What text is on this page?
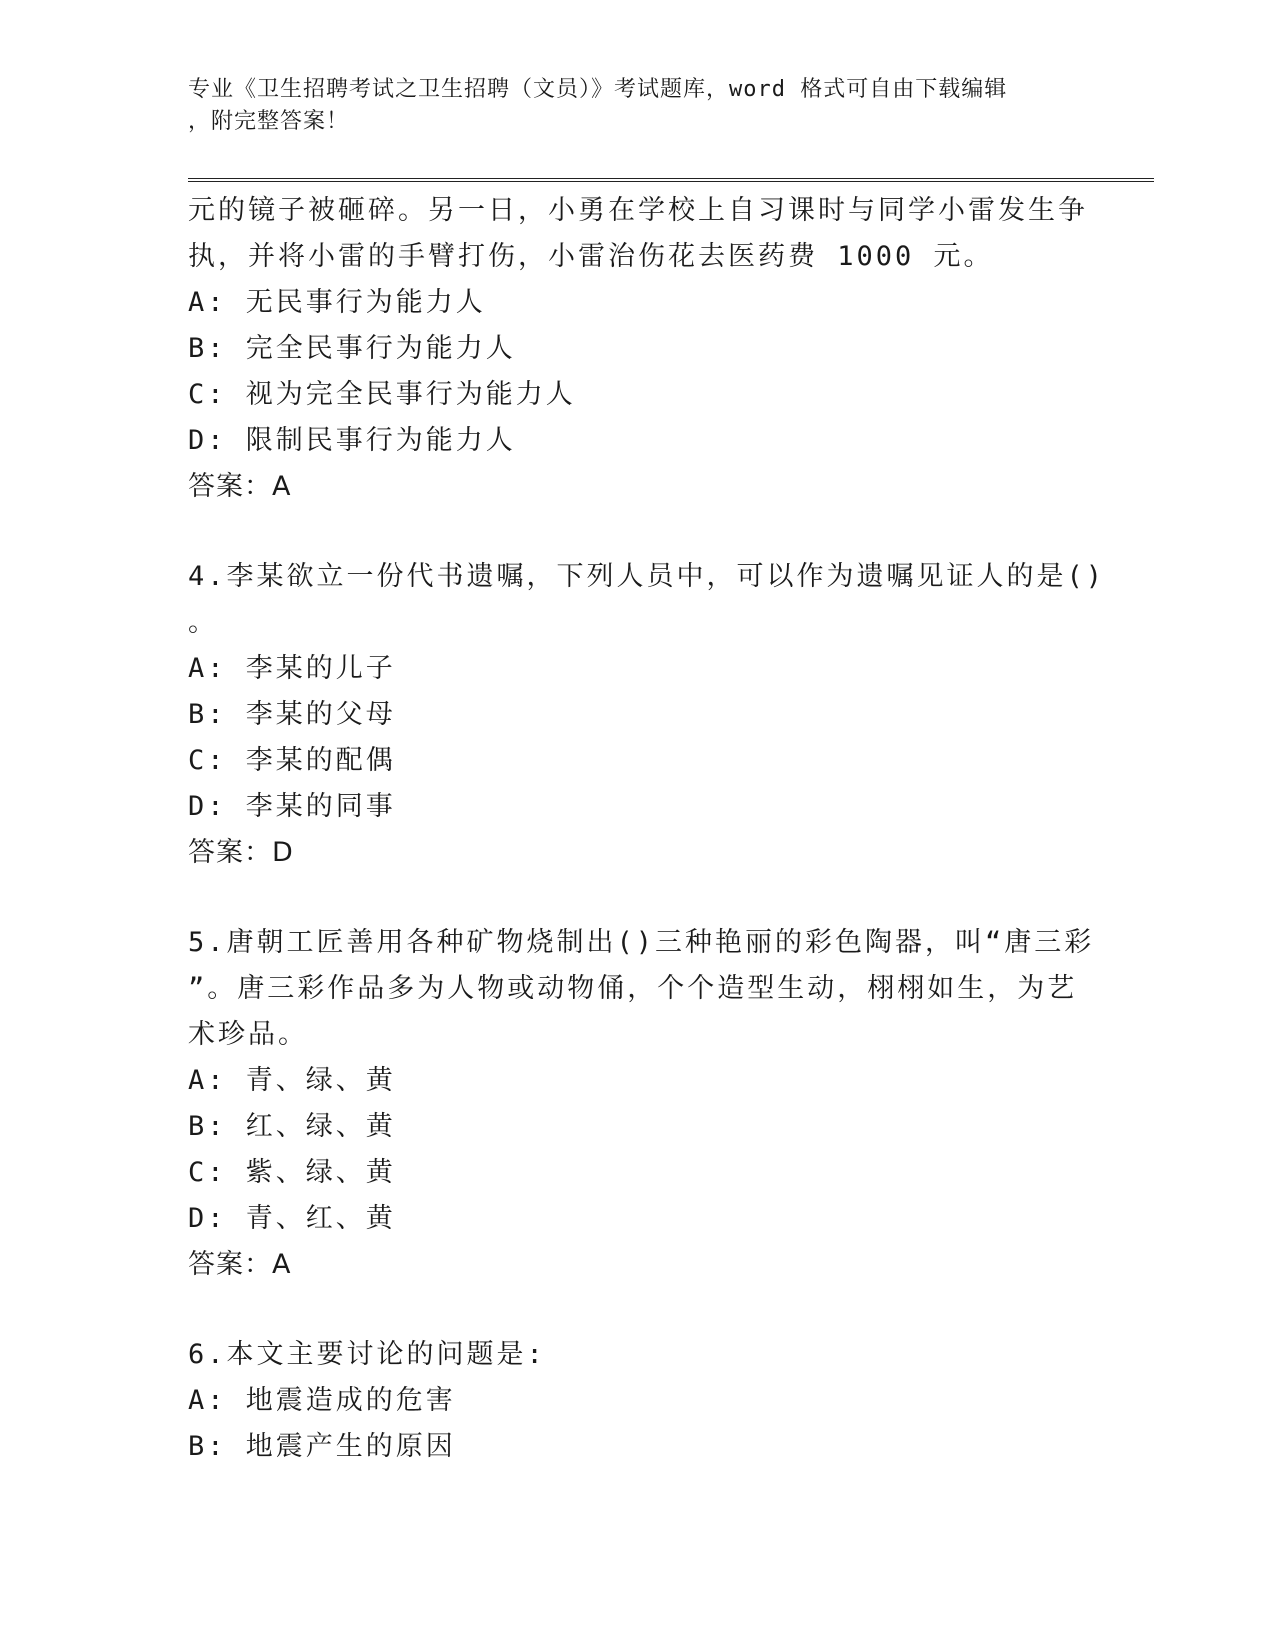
专业《卫生招聘考试之卫生招聘（文员）》考试题库，word 格式可自由下载编辑
，附完整答案！
元的镜子被砸碎。另一日，小勇在学校上自习课时与同学小雷发生争
执，并将小雷的手臂打伤，小雷治伤花去医药费 1000 元。
A: 无民事行为能力人
B: 完全民事行为能力人
C: 视为完全民事行为能力人
D: 限制民事行为能力人
答案：A
4.李某欲立一份代书遗嘱，下列人员中，可以作为遗嘱见证人的是()
。
A: 李某的儿子
B: 李某的父母
C: 李某的配偶
D: 李某的同事
答案：D
5.唐朝工匠善用各种矿物烧制出()三种艳丽的彩色陶器，叫“唐三彩
”。唐三彩作品多为人物或动物俑，个个造型生动，栩栩如生，为艺
术珍品。
A: 青、绿、黄
B: 红、绿、黄
C: 紫、绿、黄
D: 青、红、黄
答案：A
6.本文主要讨论的问题是:
A: 地震造成的危害
B: 地震产生的原因
